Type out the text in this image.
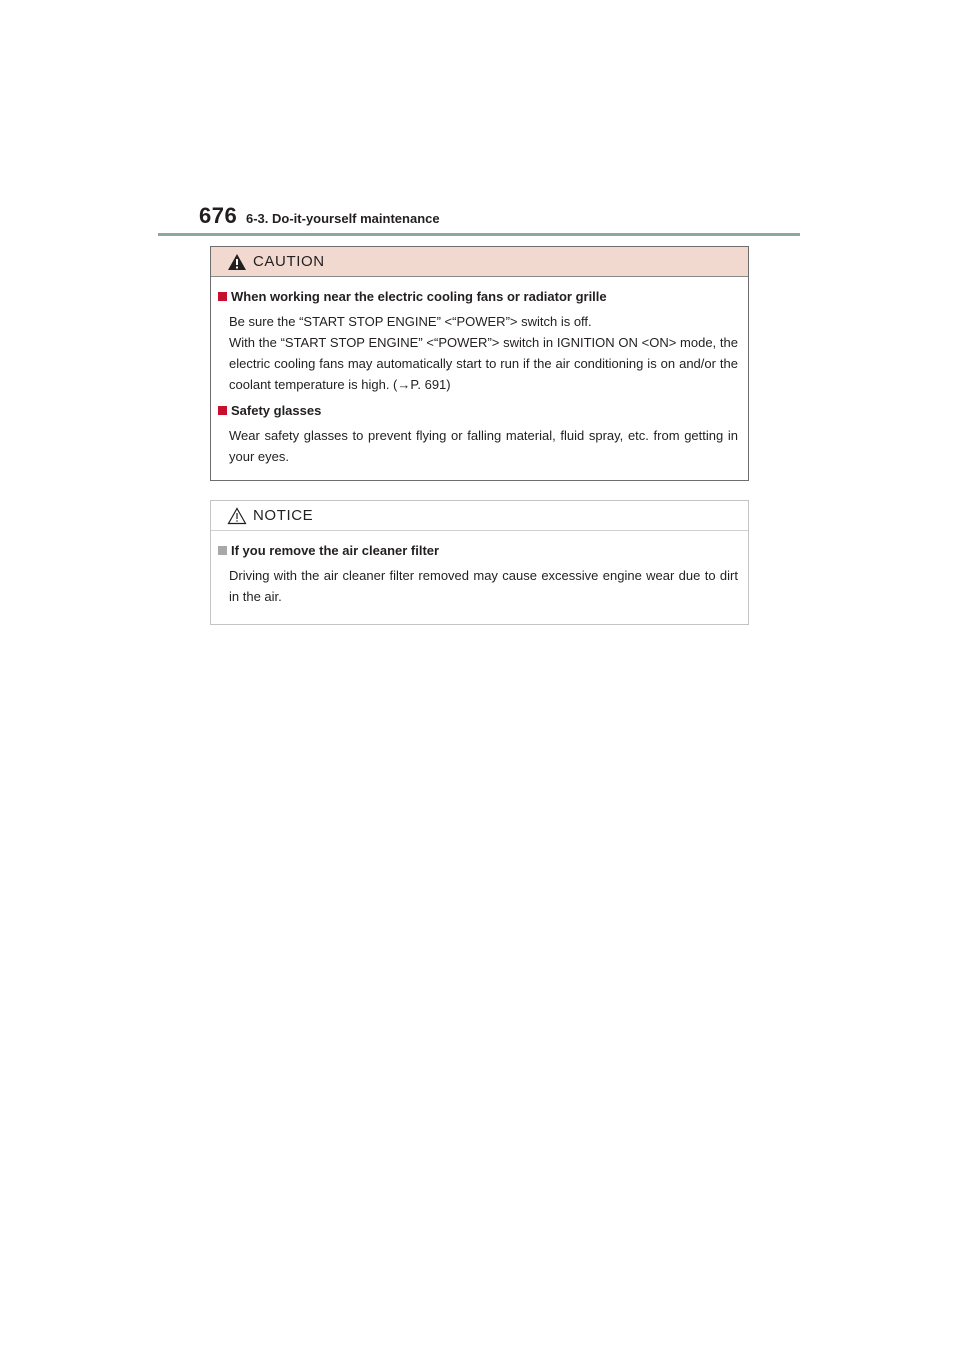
676 6-3. Do-it-yourself maintenance
CAUTION
When working near the electric cooling fans or radiator grille
Be sure the “START STOP ENGINE” <“POWER”> switch is off.
With the “START STOP ENGINE” <“POWER”> switch in IGNITION ON <ON> mode, the electric cooling fans may automatically start to run if the air conditioning is on and/or the coolant temperature is high. (→P. 691)
Safety glasses
Wear safety glasses to prevent flying or falling material, fluid spray, etc. from getting in your eyes.
NOTICE
If you remove the air cleaner filter
Driving with the air cleaner filter removed may cause excessive engine wear due to dirt in the air.
